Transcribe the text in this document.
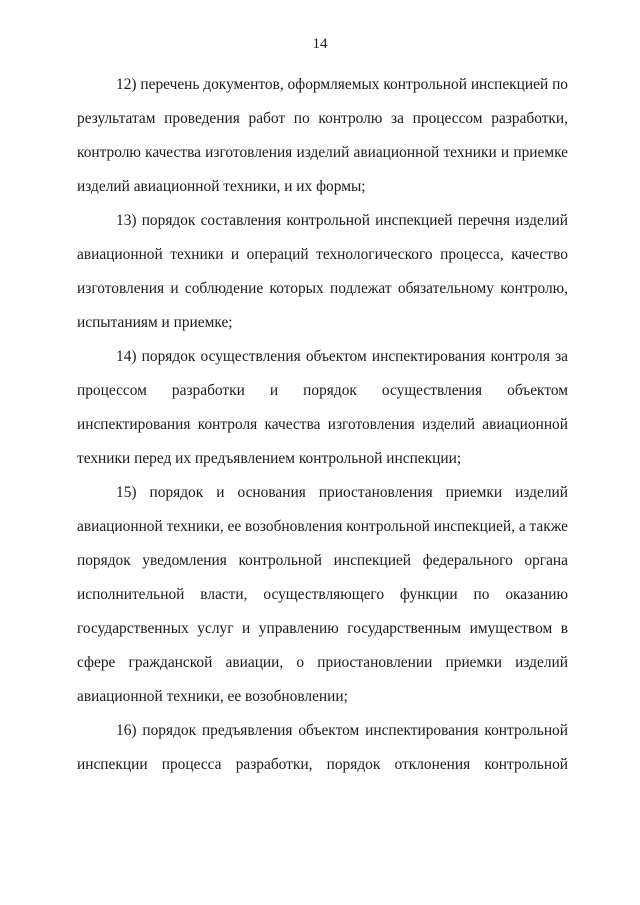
14
12) перечень документов, оформляемых контрольной инспекцией по
результатам проведения работ по контролю за процессом разработки,
контролю качества изготовления изделий авиационной техники и приемке
изделий авиационной техники, и их формы;
13) порядок составления контрольной инспекцией перечня изделий
авиационной техники и операций технологического процесса, качество
изготовления и соблюдение которых подлежат обязательному контролю,
испытаниям и приемке;
14) порядок осуществления объектом инспектирования контроля за
процессом разработки и порядок осуществления объектом
инспектирования контроля качества изготовления изделий авиационной
техники перед их предъявлением контрольной инспекции;
15) порядок и основания приостановления приемки изделий
авиационной техники, ее возобновления контрольной инспекцией, а также
порядок уведомления контрольной инспекцией федерального органа
исполнительной власти, осуществляющего функции по оказанию
государственных услуг и управлению государственным имуществом в
сфере гражданской авиации, о приостановлении приемки изделий
авиационной техники, ее возобновлении;
16) порядок предъявления объектом инспектирования контрольной
инспекции процесса разработки, порядок отклонения контрольной
